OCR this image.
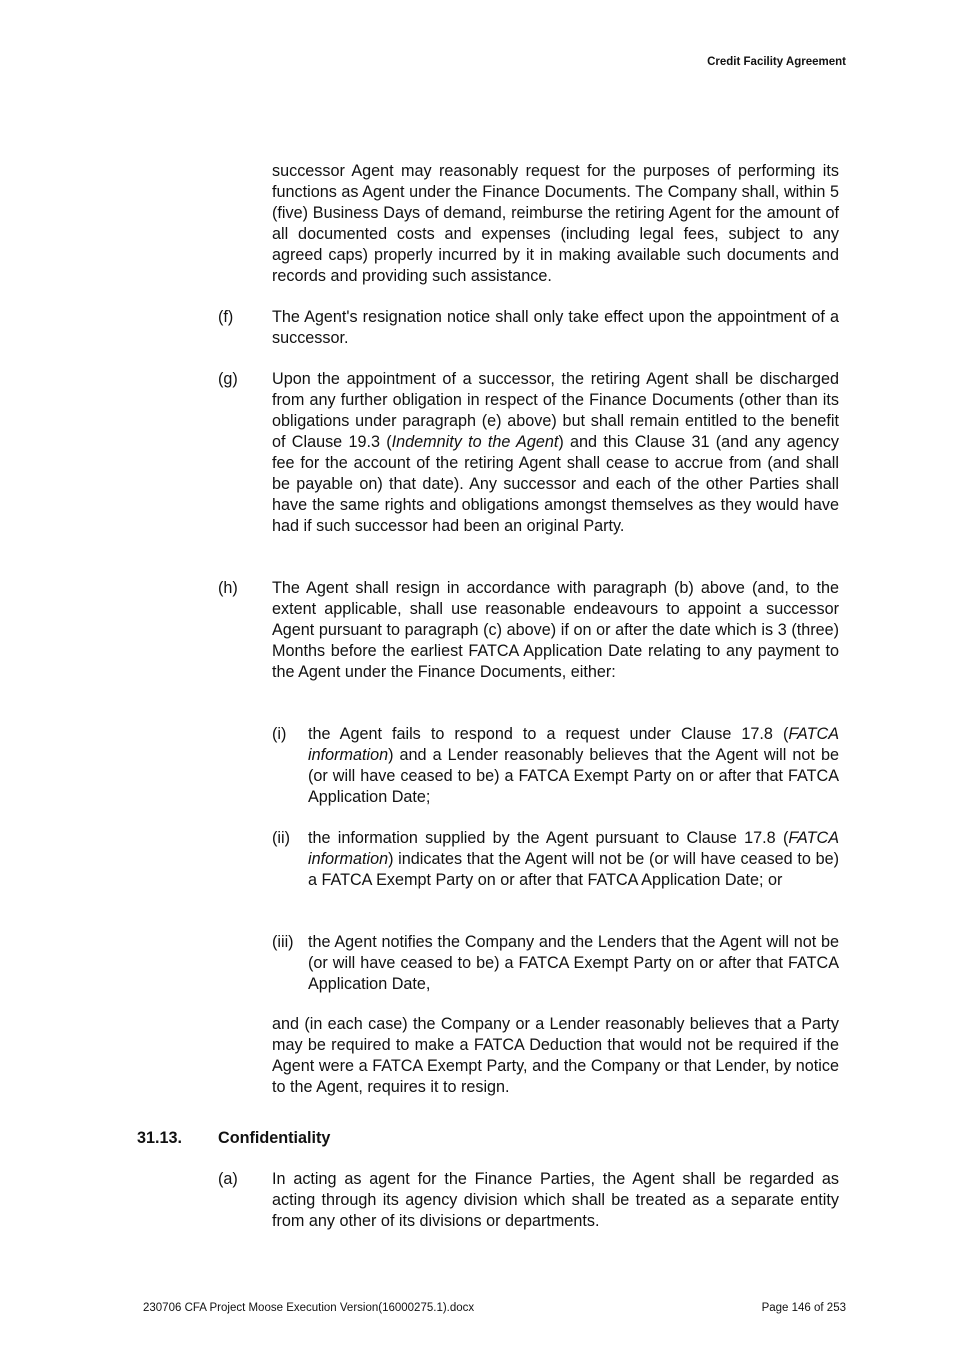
Credit Facility Agreement
successor Agent may reasonably request for the purposes of performing its functions as Agent under the Finance Documents. The Company shall, within 5 (five) Business Days of demand, reimburse the retiring Agent for the amount of all documented costs and expenses (including legal fees, subject to any agreed caps) properly incurred by it in making available such documents and records and providing such assistance.
(f) The Agent's resignation notice shall only take effect upon the appointment of a successor.
(g) Upon the appointment of a successor, the retiring Agent shall be discharged from any further obligation in respect of the Finance Documents (other than its obligations under paragraph (e) above) but shall remain entitled to the benefit of Clause 19.3 (Indemnity to the Agent) and this Clause 31 (and any agency fee for the account of the retiring Agent shall cease to accrue from (and shall be payable on) that date). Any successor and each of the other Parties shall have the same rights and obligations amongst themselves as they would have had if such successor had been an original Party.
(h) The Agent shall resign in accordance with paragraph (b) above (and, to the extent applicable, shall use reasonable endeavours to appoint a successor Agent pursuant to paragraph (c) above) if on or after the date which is 3 (three) Months before the earliest FATCA Application Date relating to any payment to the Agent under the Finance Documents, either:
(i) the Agent fails to respond to a request under Clause 17.8 (FATCA information) and a Lender reasonably believes that the Agent will not be (or will have ceased to be) a FATCA Exempt Party on or after that FATCA Application Date;
(ii) the information supplied by the Agent pursuant to Clause 17.8 (FATCA information) indicates that the Agent will not be (or will have ceased to be) a FATCA Exempt Party on or after that FATCA Application Date; or
(iii) the Agent notifies the Company and the Lenders that the Agent will not be (or will have ceased to be) a FATCA Exempt Party on or after that FATCA Application Date,
and (in each case) the Company or a Lender reasonably believes that a Party may be required to make a FATCA Deduction that would not be required if the Agent were a FATCA Exempt Party, and the Company or that Lender, by notice to the Agent, requires it to resign.
31.13. Confidentiality
(a) In acting as agent for the Finance Parties, the Agent shall be regarded as acting through its agency division which shall be treated as a separate entity from any other of its divisions or departments.
230706 CFA Project Moose Execution Version(16000275.1).docx	Page 146 of 253
